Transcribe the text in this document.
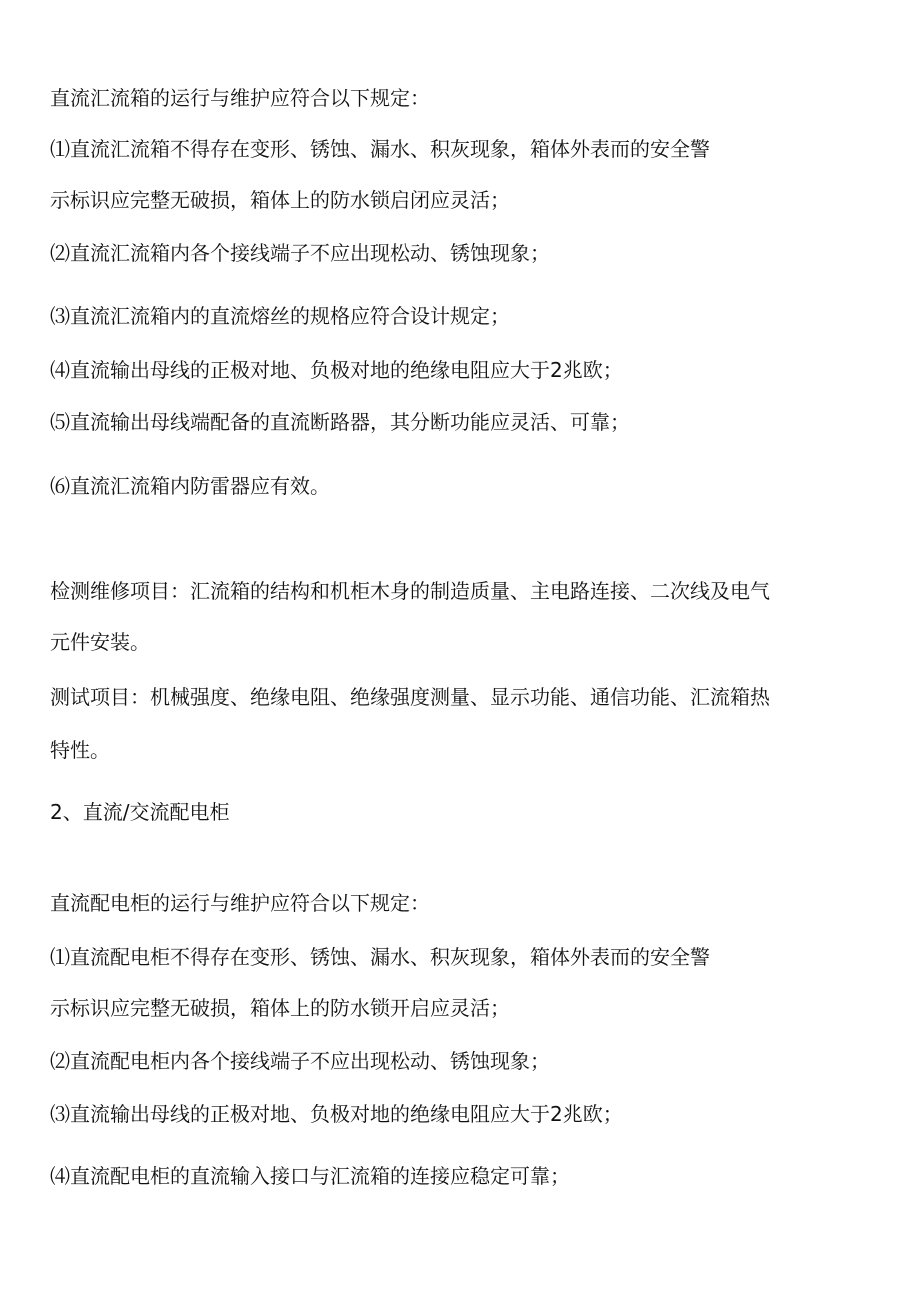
直流汇流箱的运行与维护应符合以下规定：
⑴直流汇流箱不得存在变形、锈蚀、漏水、积灰现象，箱体外表而的安全警
示标识应完整无破损，箱体上的防水锁启闭应灵活；
⑵直流汇流箱内各个接线端子不应出现松动、锈蚀现象；
⑶直流汇流箱内的直流熔丝的规格应符合设计规定；
⑷直流输出母线的正极对地、负极对地的绝缘电阻应大于2兆欧；
⑸直流输出母线端配备的直流断路器，其分断功能应灵活、可靠；
⑹直流汇流箱内防雷器应有效。
检测维修项目：汇流箱的结构和机柜木身的制造质量、主电路连接、二次线及电气
元件安装。
测试项目：机械强度、绝缘电阻、绝缘强度测量、显示功能、通信功能、汇流箱热
特性。
2、直流/交流配电柜
直流配电柜的运行与维护应符合以下规定：
⑴直流配电柜不得存在变形、锈蚀、漏水、积灰现象，箱体外表而的安全警
示标识应完整无破损，箱体上的防水锁开启应灵活；
⑵直流配电柜内各个接线端子不应出现松动、锈蚀现象；
⑶直流输出母线的正极对地、负极对地的绝缘电阻应大于2兆欧；
⑷直流配电柜的直流输入接口与汇流箱的连接应稳定可靠；
